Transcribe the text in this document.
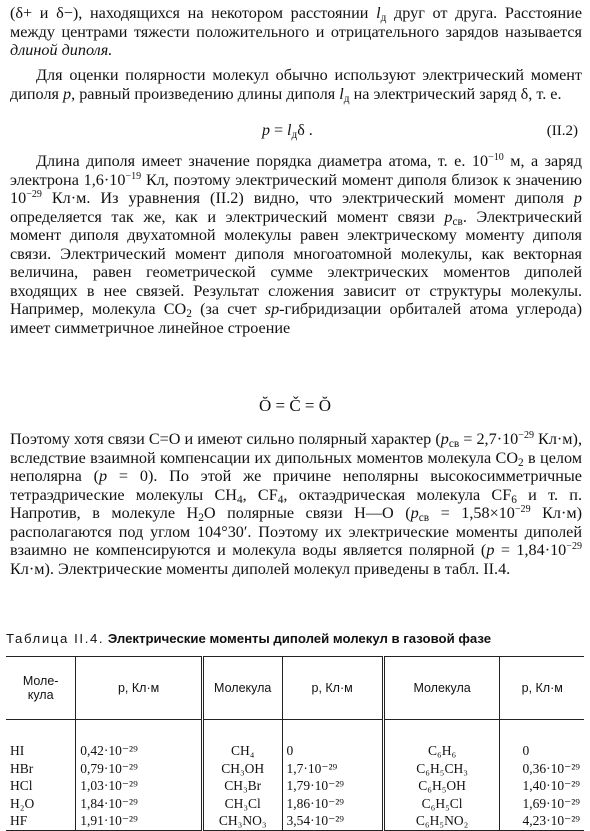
(δ+ и δ−), находящихся на некотором расстоянии $l_д$ друг от друга. Расстояние между центрами тяжести положительного и отрицательного зарядов называется длиной диполя.

Для оценки полярности молекул обычно используют электрический момент диполя p, равный произведению длины диполя $l_д$ на электрический заряд δ, т. е.

$p = l_д\delta$ .	(II.2)

Длина диполя имеет значение порядка диаметра атома, т. е. $10^{-10}$ м, а заряд электрона $1,6\cdot 10^{-19}$ Кл, поэтому электрический момент диполя близок к значению $10^{-29}$ Кл·м. Из уравнения (II.2) видно, что электрический момент диполя p определяется так же, как и электрический момент связи $p_{св}$. Электрический момент диполя двухатомной молекулы равен электрическому моменту диполя связи. Электрический момент диполя многоатомной молекулы, как векторная величина, равен геометрической сумме электрических моментов диполей входящих в нее связей. Результат сложения зависит от структуры молекулы. Например, молекула $CO_2$ (за счет sp-гибридизации орбиталей атома углерода) имеет симметричное линейное строение

Ŏ = Č = Ŏ

Поэтому хотя связи C=O и имеют сильно полярный характер ($p_{св} = 2,7\cdot 10^{-29}$ Кл·м), вследствие взаимной компенсации их дипольных моментов молекула $CO_2$ в целом неполярна (p = 0). По этой же причине неполярны высокосимметричные тетраэдрические молекулы $CH_4$, $CF_4$, октаэдрическая молекула $CF_6$ и т. п. Напротив, в молекуле $H_2O$ полярные связи H—O ($p_{св} = 1,58\times 10^{-29}$ Кл·м) располагаются под углом 104°30′. Поэтому их электрические моменты диполей взаимно не компенсируются и молекула воды является полярной ($p = 1,84\cdot 10^{-29}$ Кл·м). Электрические моменты диполей молекул приведены в табл. II.4.

Таблица II.4. Электрические моменты диполей молекул в газовой фазе
Моле-
кула	p, Кл·м	Молекула	p, Кл·м	Молекула	p, Кл·м
HI	0,42·10⁻²⁹	CH₄	0	C₆H₆	0
HBr	0,79·10⁻²⁹	CH₃OH	1,7·10⁻²⁹	C₆H₅CH₃	0,36·10⁻²⁹
HCl	1,03·10⁻²⁹	CH₃Br	1,79·10⁻²⁹	C₆H₅OH	1,40·10⁻²⁹
H₂O	1,84·10⁻²⁹	CH₃Cl	1,86·10⁻²⁹	C₆H₅Cl	1,69·10⁻²⁹
HF	1,91·10⁻²⁹	CH₃NO₃	3,54·10⁻²⁹	C₆H₅NO₂	4,23·10⁻²⁹
